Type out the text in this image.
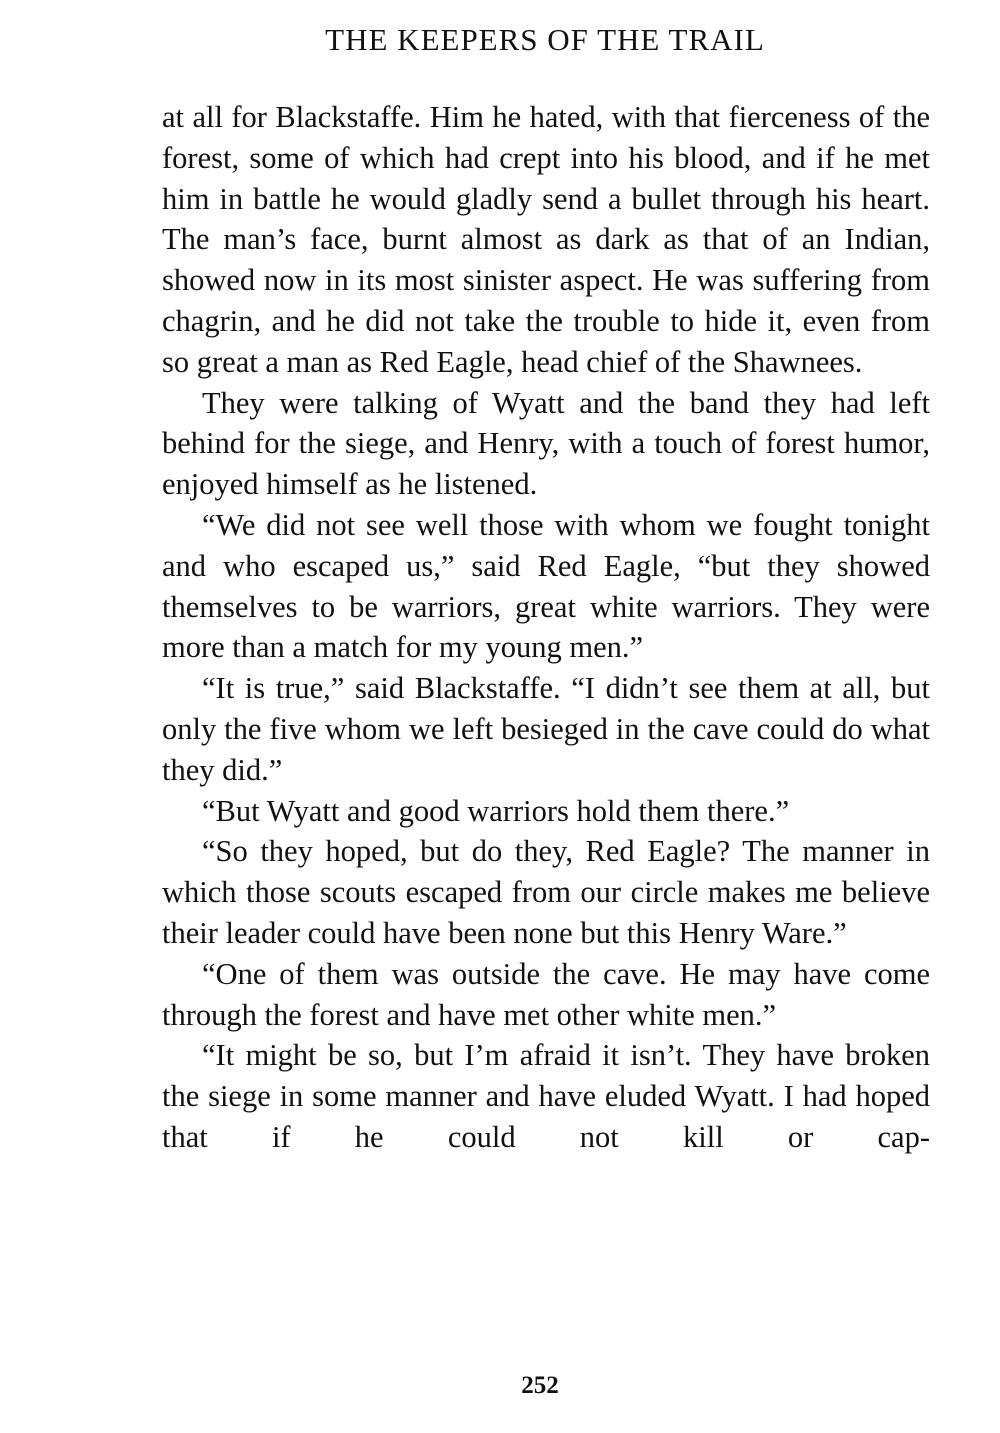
THE KEEPERS OF THE TRAIL

at all for Blackstaffe. Him he hated, with that fierceness of the forest, some of which had crept into his blood, and if he met him in battle he would gladly send a bullet through his heart. The man’s face, burnt almost as dark as that of an Indian, showed now in its most sinister aspect. He was suffering from chagrin, and he did not take the trouble to hide it, even from so great a man as Red Eagle, head chief of the Shawnees.

They were talking of Wyatt and the band they had left behind for the siege, and Henry, with a touch of forest humor, enjoyed himself as he listened.

“We did not see well those with whom we fought tonight and who escaped us,” said Red Eagle, “but they showed themselves to be warriors, great white warriors. They were more than a match for my young men.”

“It is true,” said Blackstaffe. “I didn’t see them at all, but only the five whom we left besieged in the cave could do what they did.”

“But Wyatt and good warriors hold them there.”

“So they hoped, but do they, Red Eagle? The manner in which those scouts escaped from our circle makes me believe their leader could have been none but this Henry Ware.”

“One of them was outside the cave. He may have come through the forest and have met other white men.”

“It might be so, but I’m afraid it isn’t. They have broken the siege in some manner and have eluded Wyatt. I had hoped that if he could not kill or cap-

252
